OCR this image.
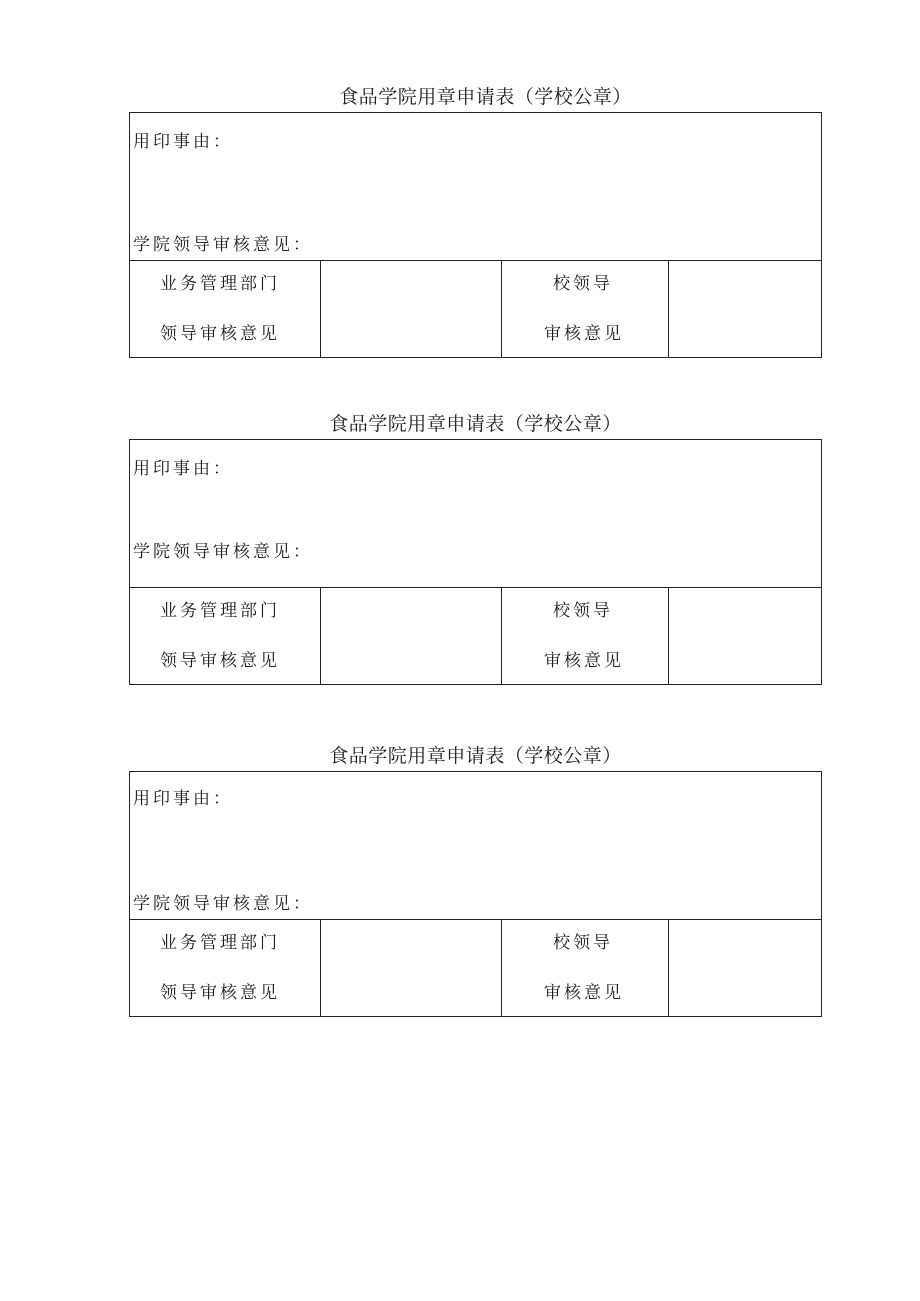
食品学院用章申请表（学校公章）
用印事由：
学院领导审核意见：
业务管理部门
领导审核意见
校领导
审核意见
食品学院用章申请表（学校公章）
用印事由：
学院领导审核意见：
业务管理部门
领导审核意见
校领导
审核意见
食品学院用章申请表（学校公章）
用印事由：
学院领导审核意见：
业务管理部门
领导审核意见
校领导
审核意见
